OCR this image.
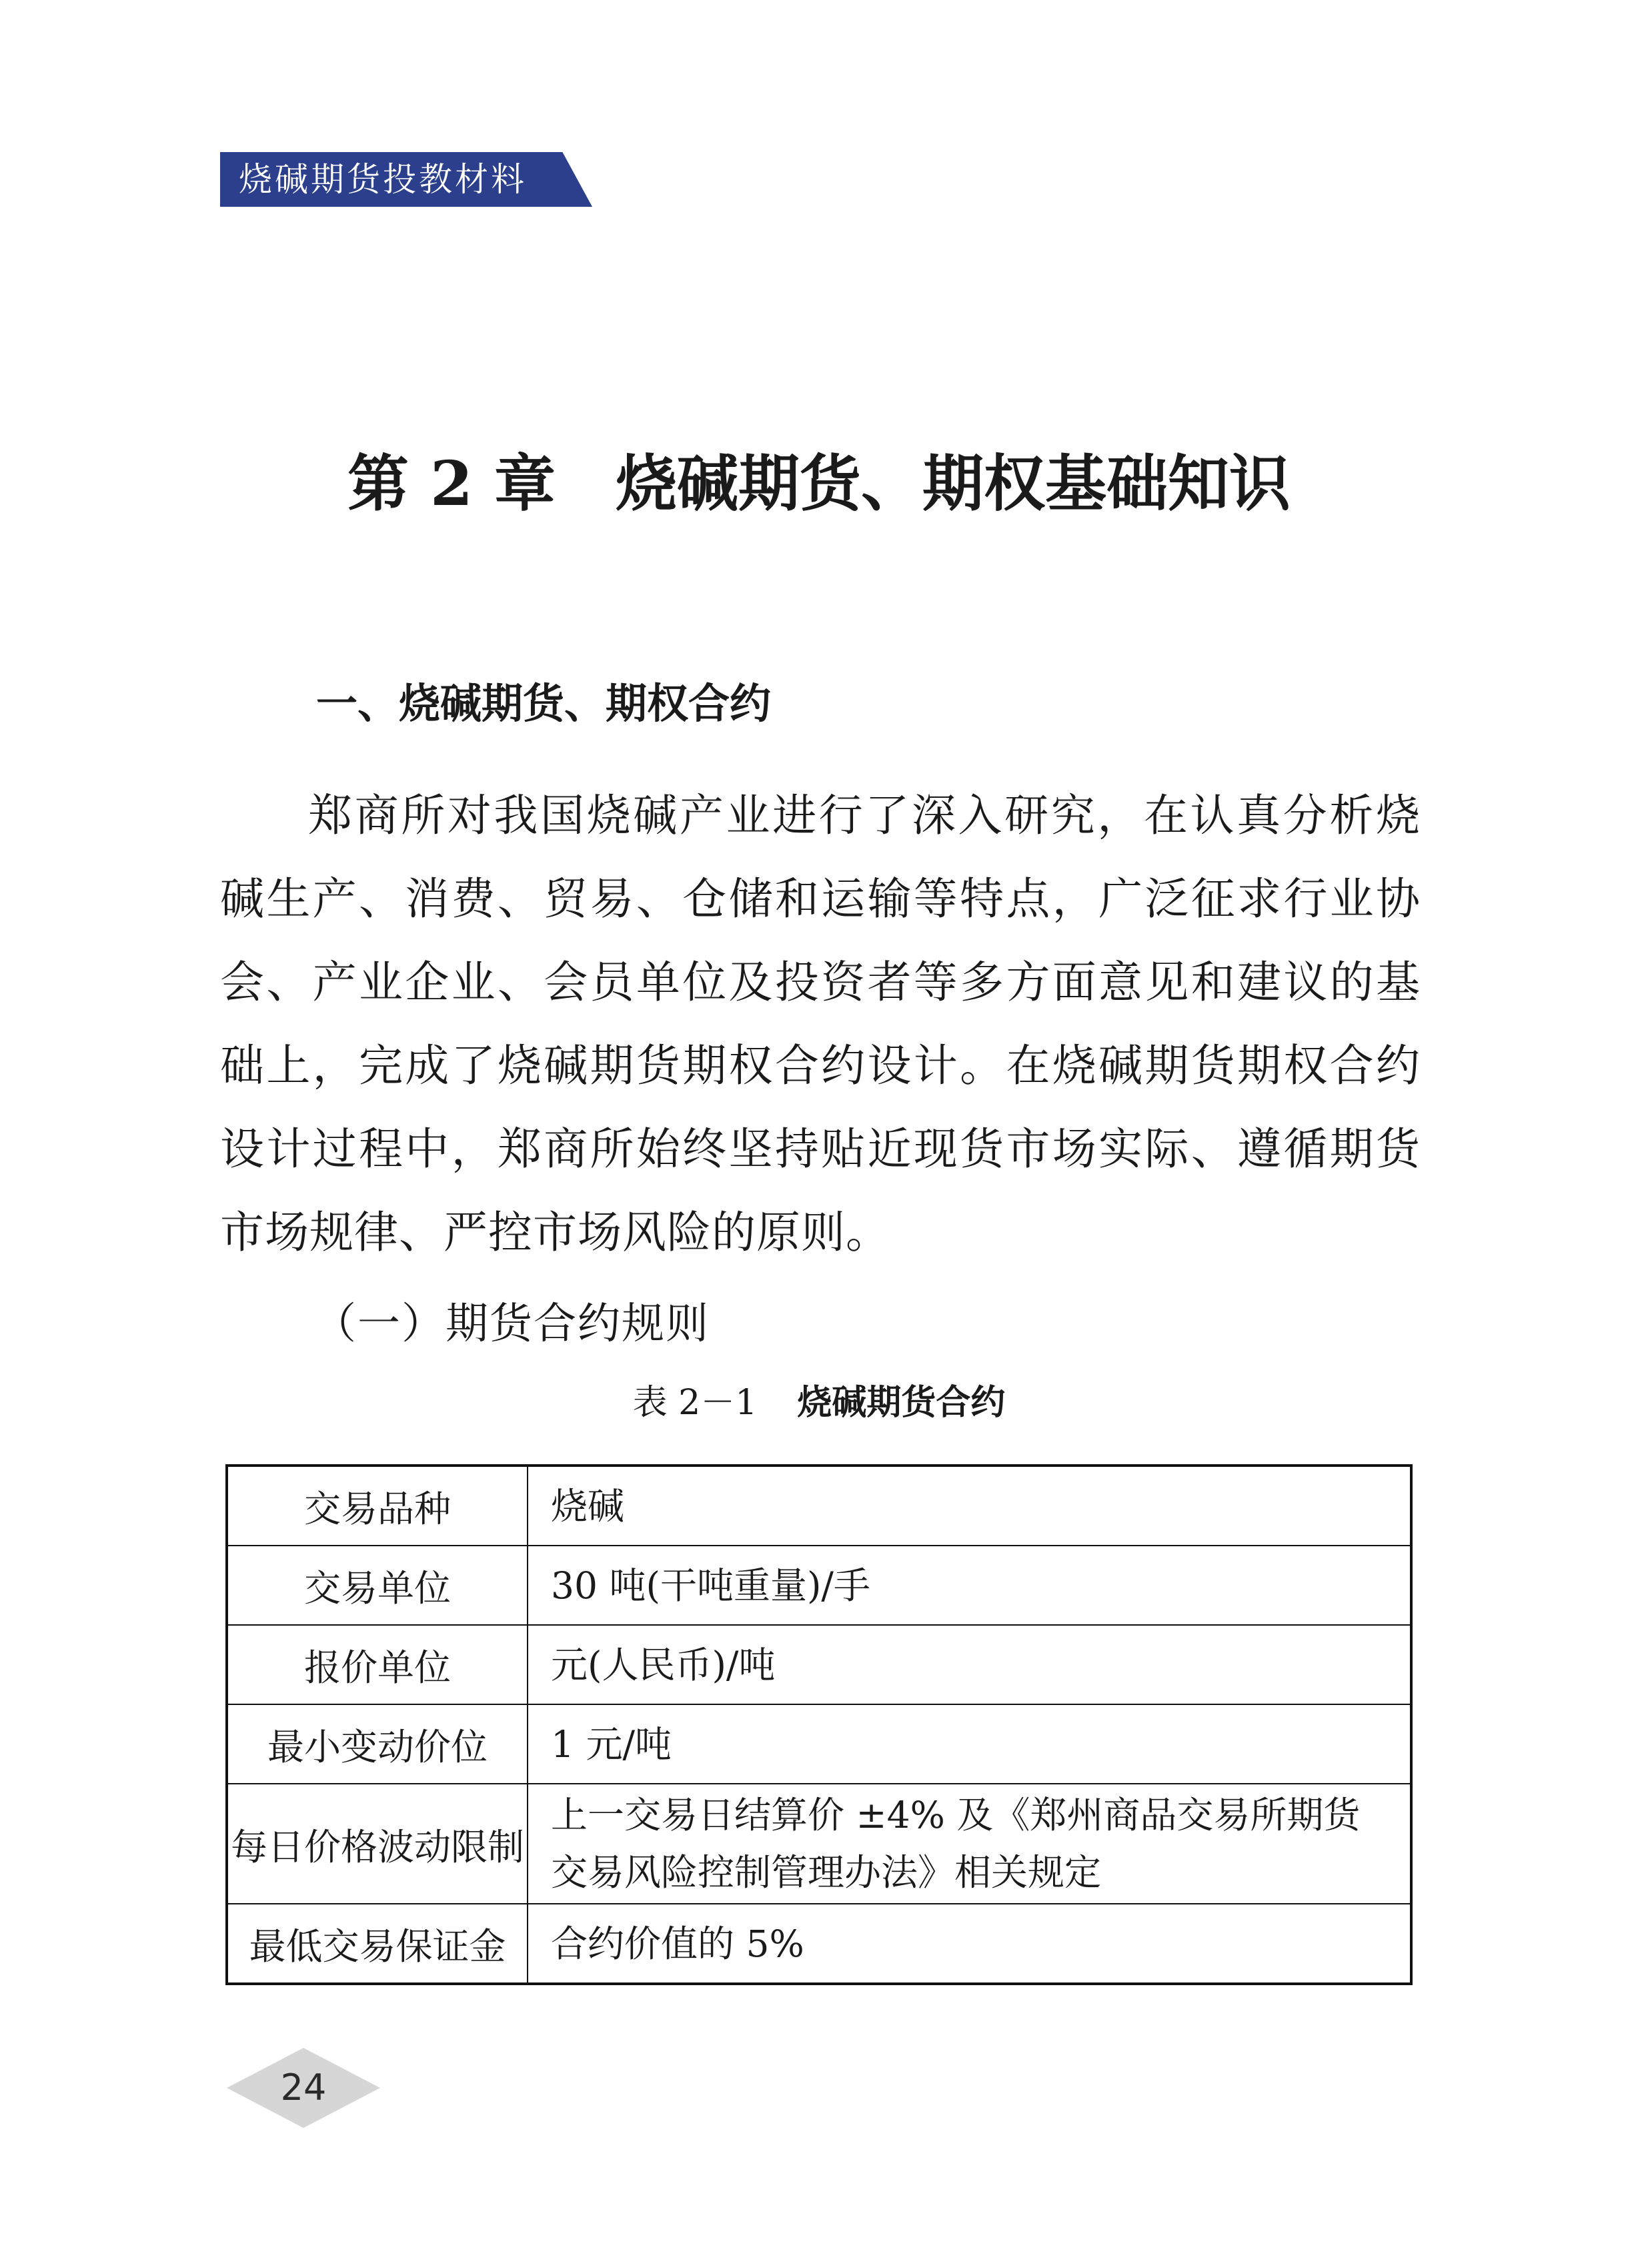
烧碱期货投教材料
第 2 章 烧碱期货、期权基础知识
一、烧碱期货、期权合约
郑商所对我国烧碱产业进行了深入研究，在认真分析烧碱生产、消费、贸易、仓储和运输等特点，广泛征求行业协会、产业企业、会员单位及投资者等多方面意见和建议的基础上，完成了烧碱期货期权合约设计。在烧碱期货期权合约设计过程中，郑商所始终坚持贴近现货市场实际、遵循期货市场规律、严控市场风险的原则。
（一）期货合约规则
表 2－1 烧碱期货合约
交易品种	烧碱
交易单位	30 吨(干吨重量)/手
报价单位	元(人民币)/吨
最小变动价位	1 元/吨
每日价格波动限制	上一交易日结算价 ±4% 及《郑州商品交易所期货交易风险控制管理办法》相关规定
最低交易保证金	合约价值的 5%
24
